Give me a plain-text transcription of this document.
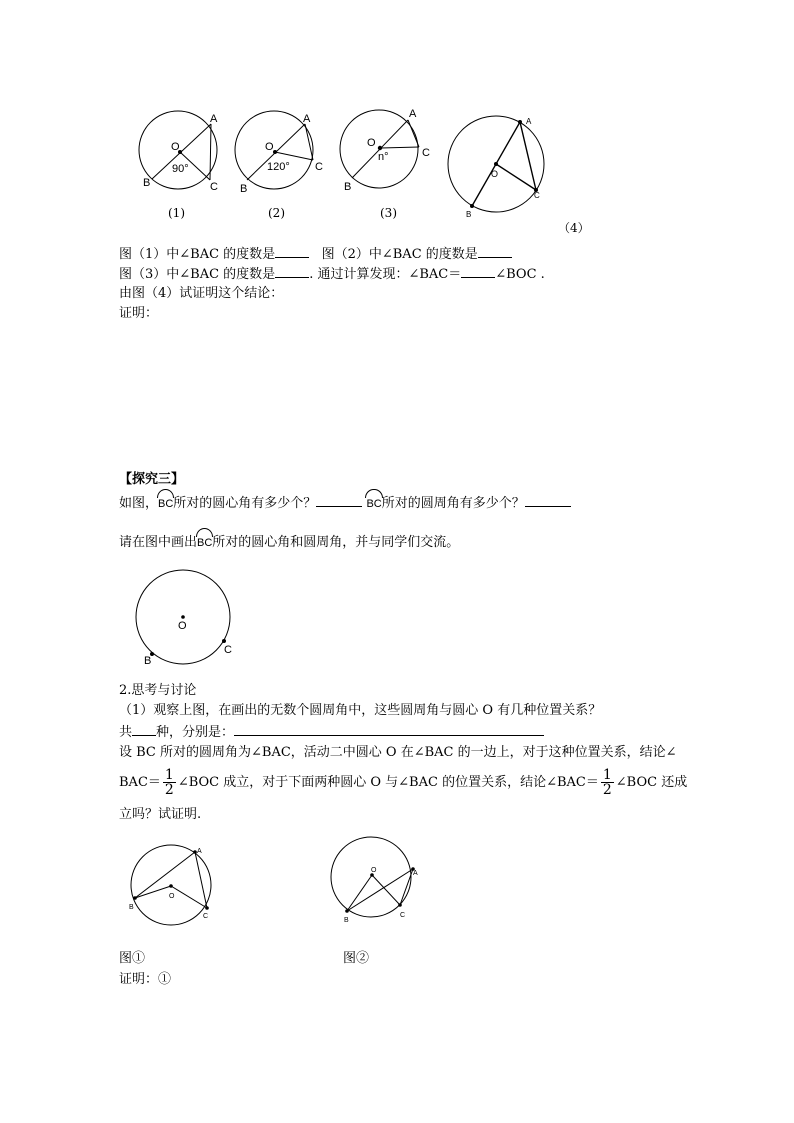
O
90°
A
B	C
(1)
O
120°
A
B
C
(2)
O
n°
A
B
C
(3)
O
A
B
C
（4）
图（1）中∠BAC 的度数是	图（2）中∠BAC 的度数是
图（3）中∠BAC 的度数是	. 通过计算发现：∠BAC＝	∠BOC .
由图（4）试证明这个结论：
证明：
【探究三】
如图，BC所对的圆心角有多少个？	BC所对的圆周角有多少个？
请在图中画出BC所对的圆心角和圆周角，并与同学们交流。
O
B
C
2.思考与讨论
（1）观察上图，在画出的无数个圆周角中，这些圆周角与圆心 O 有几种位置关系？
共 种，分别是：
设 BC 所对的圆周角为∠BAC，活动二中圆心 O 在∠BAC 的一边上，对于这种位置关系，结论∠
$BAC= \frac{1}{2}$ ∠BOC 成立，对于下面两种圆心 O 与∠BAC 的位置关系，结论∠BAC＝ $\frac{1}{2}$ ∠BOC 还成
立吗？试证明.
O
A
B
C
图①
O	A
B
C
图②
证明：①
